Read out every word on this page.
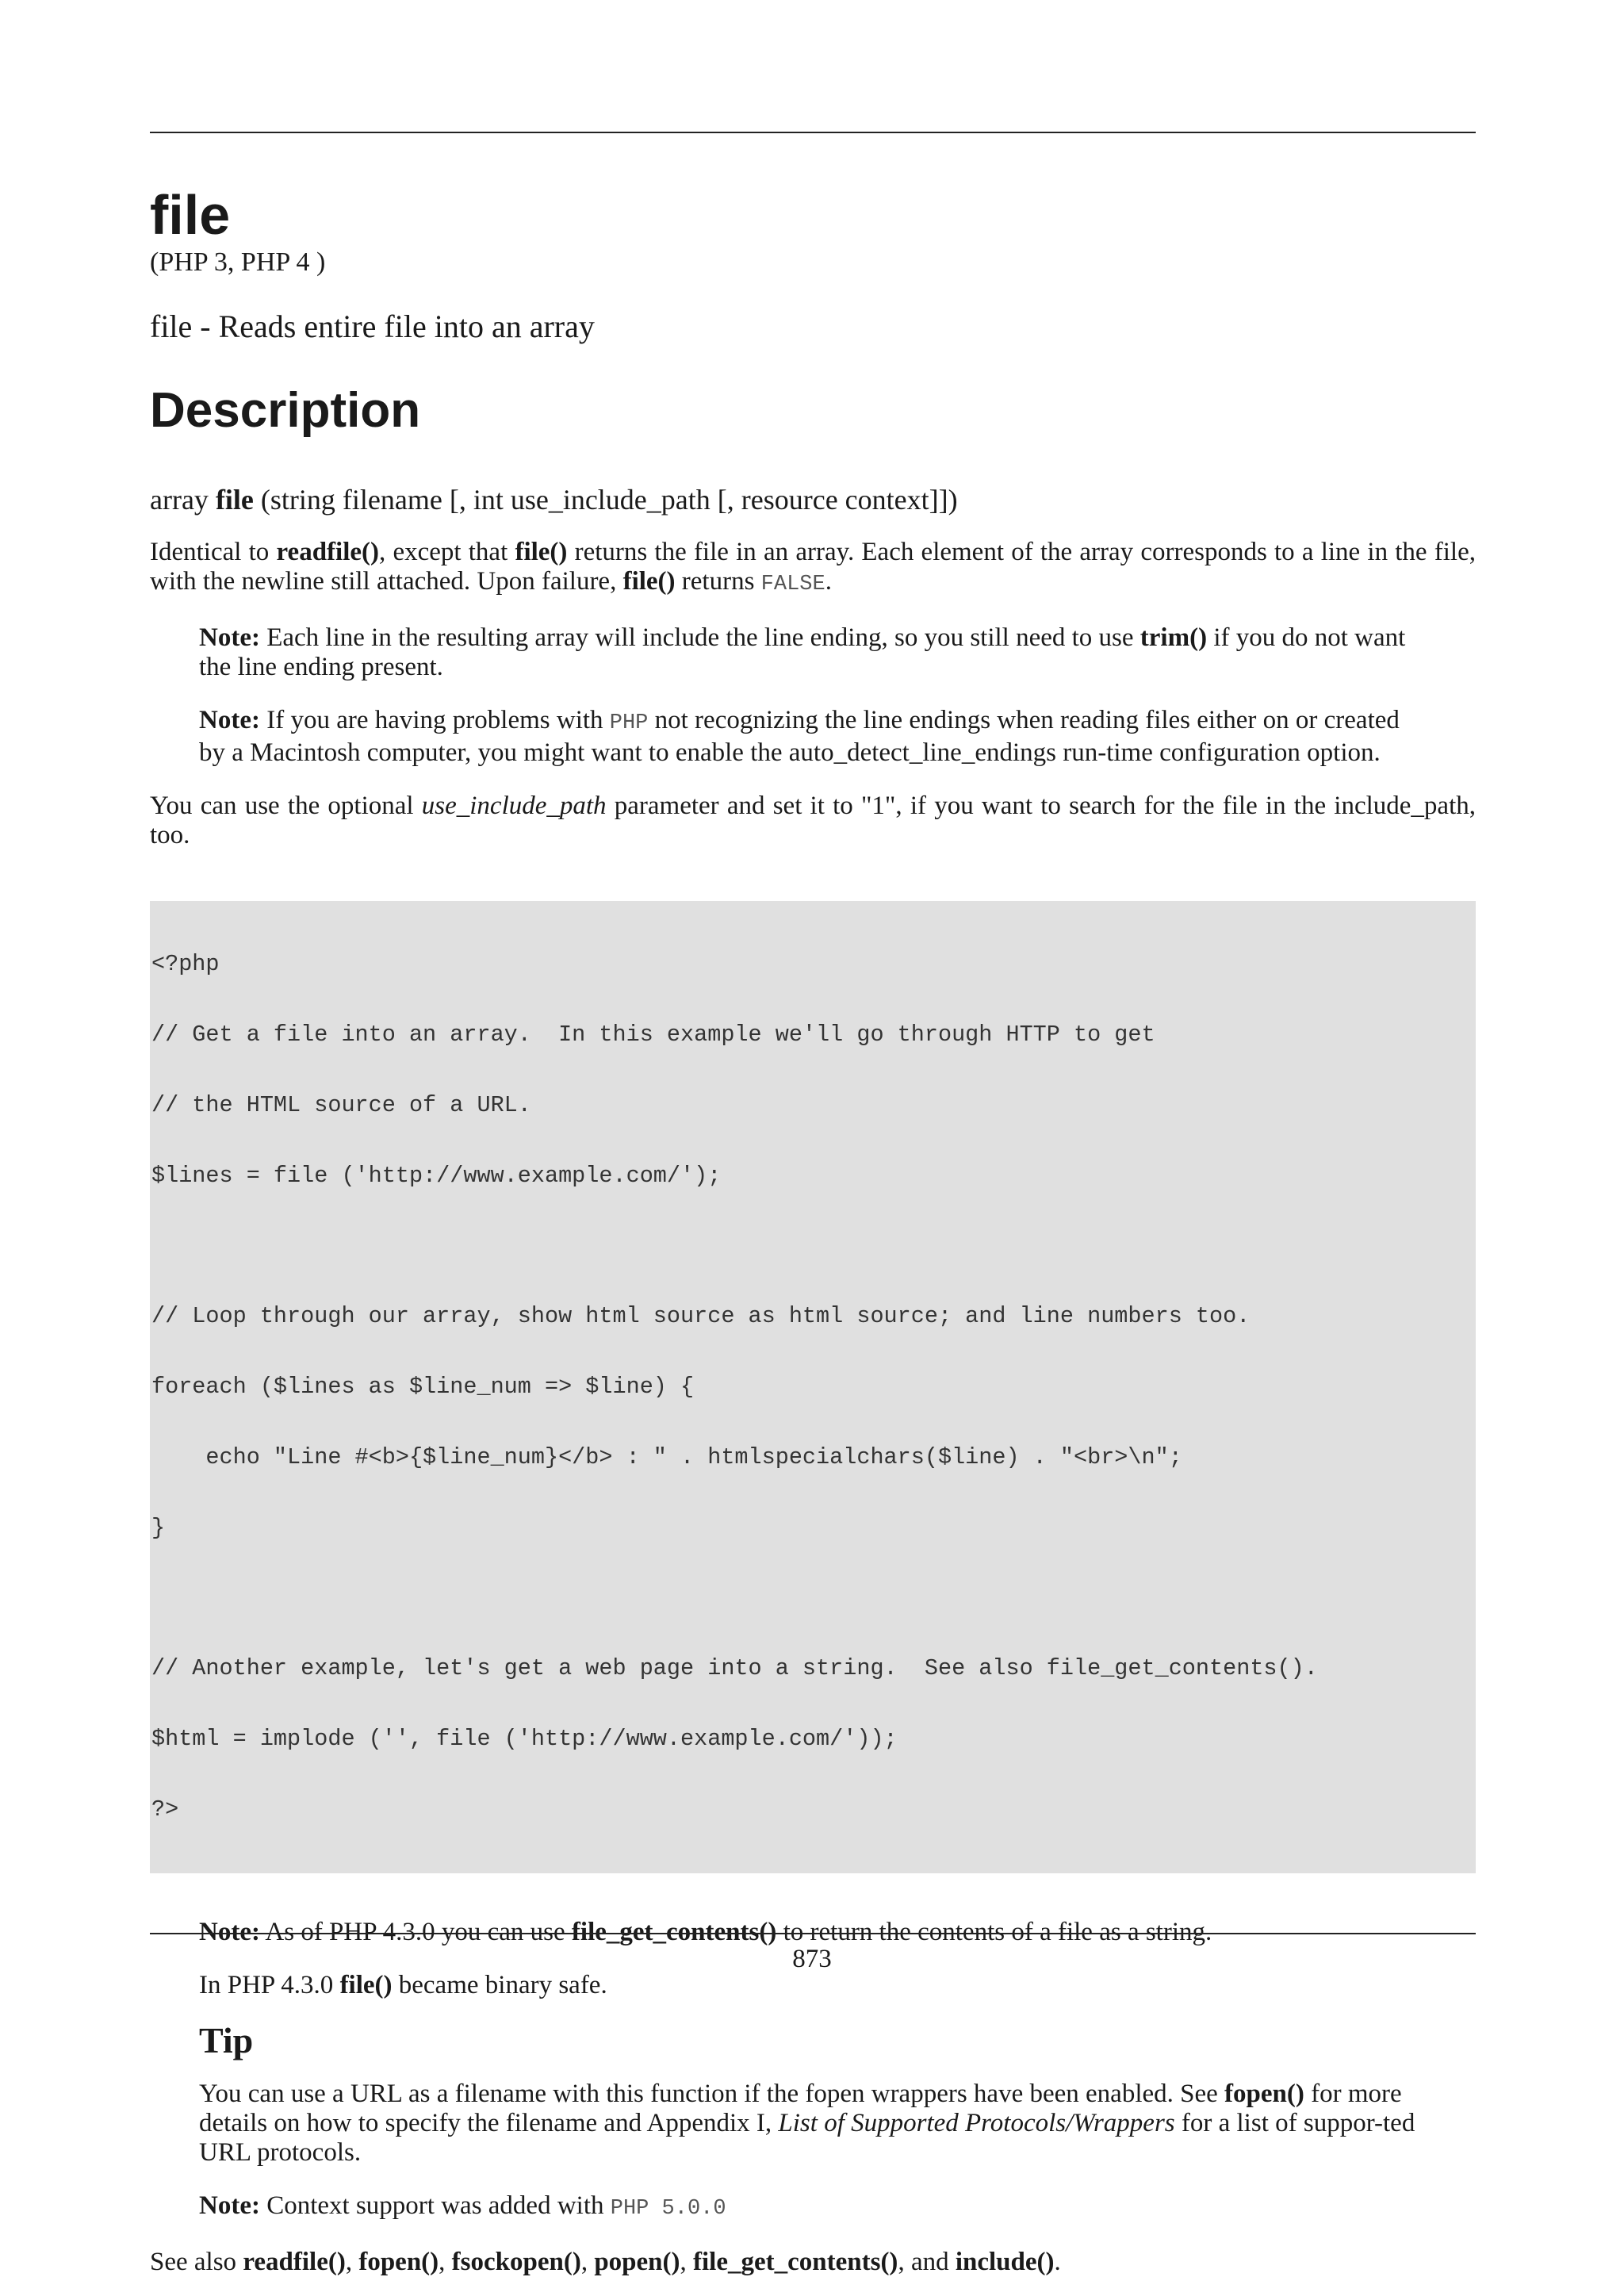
file
(PHP 3, PHP 4 )
file - Reads entire file into an array
Description
array file (string filename [, int use_include_path [, resource context]])

Identical to readfile(), except that file() returns the file in an array. Each element of the array corresponds to a line in the file, with the newline still attached. Upon failure, file() returns FALSE.

Note: Each line in the resulting array will include the line ending, so you still need to use trim() if you do not want the line ending present.

Note: If you are having problems with PHP not recognizing the line endings when reading files either on or created by a Macintosh computer, you might want to enable the auto_detect_line_endings run-time configuration option.

You can use the optional use_include_path parameter and set it to "1", if you want to search for the file in the include_path, too.

<?php

// Get a file into an array.  In this example we'll go through HTTP to get

// the HTML source of a URL.

$lines = file ('http://www.example.com/');

// Loop through our array, show html source as html source; and line numbers too.

foreach ($lines as $line_num => $line) {

echo "Line #<b>{$line_num}</b> : " . htmlspecialchars($line) . "<br>\n";

}

// Another example, let's get a web page into a string.  See also file_get_contents().

$html = implode ('', file ('http://www.example.com/'));

?>

Note: As of PHP 4.3.0 you can use file_get_contents() to return the contents of a file as a string.

In PHP 4.3.0 file() became binary safe.

Tip

You can use a URL as a filename with this function if the fopen wrappers have been enabled. See fopen() for more details on how to specify the filename and Appendix I, List of Supported Protocols/Wrappers for a list of suppor-ted URL protocols.

Note: Context support was added with PHP 5.0.0

See also readfile(), fopen(), fsockopen(), popen(), file_get_contents(), and include().

873
